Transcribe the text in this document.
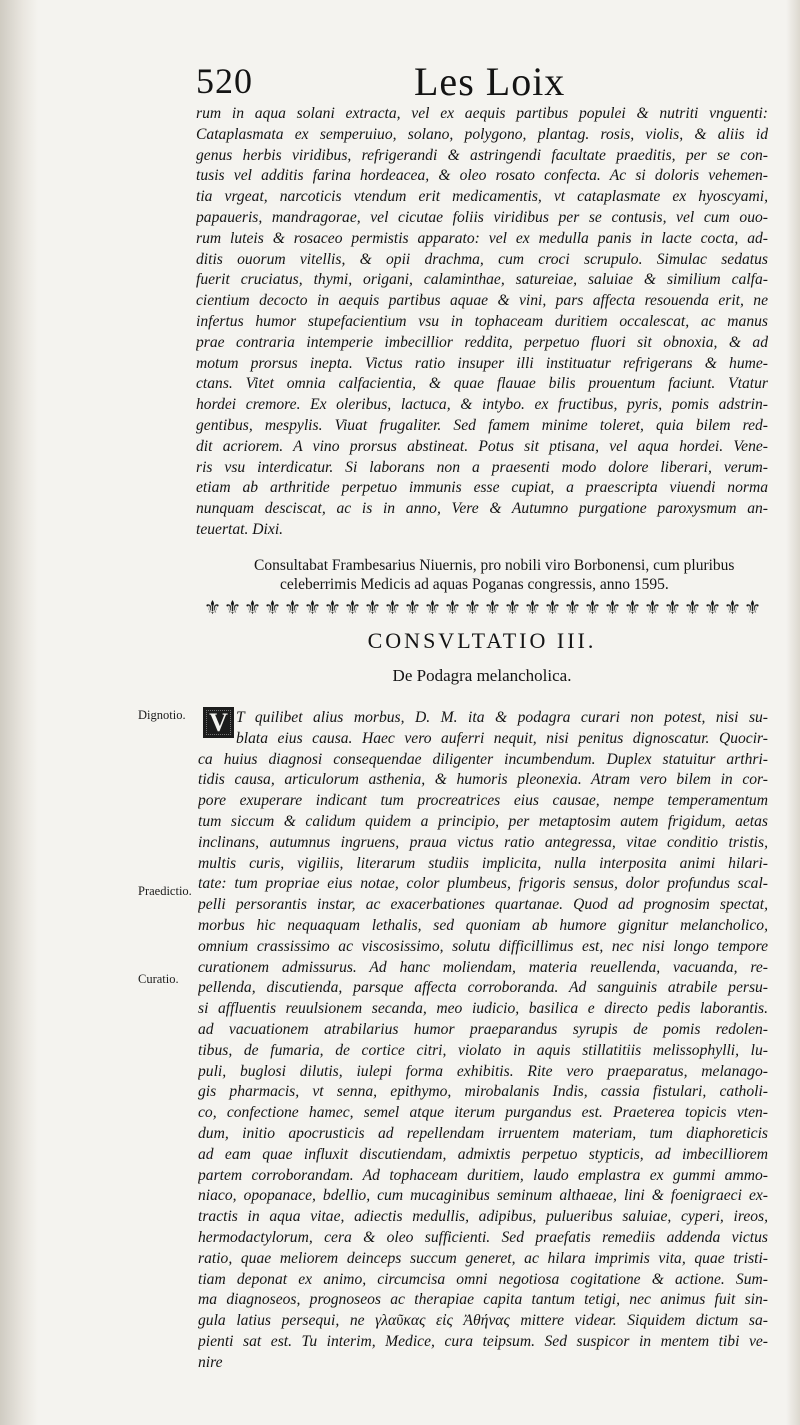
520	Les Loix
rum in aqua solani extracta, vel ex aequis partibus populei & nutriti vnguenti:
Cataplasmata ex semperuiuo, solano, polygono, plantag. rosis, violis, & aliis id
genus herbis viridibus, refrigerandi & astringendi facultate praeditis, per se con-
tusis vel additis farina hordeacea, & oleo rosato confecta. Ac si doloris vehemen-
tia vrgeat, narcoticis vtendum erit medicamentis, vt cataplasmate ex hyoscyami,
papaueris, mandragorae, vel cicutae foliis viridibus per se contusis, vel cum ouo-
rum luteis & rosaceo permistis apparato: vel ex medulla panis in lacte cocta, ad-
ditis ouorum vitellis, & opii drachma, cum croci scrupulo. Simulac sedatus
fuerit cruciatus, thymi, origani, calaminthae, satureiae, saluiae & similium calfa-
cientium decocto in aequis partibus aquae & vini, pars affecta resouenda erit, ne
infertus humor stupefacientium vsu in tophaceam duritiem occalescat, ac manus
prae contraria intemperie imbecillior reddita, perpetuo fluori sit obnoxia, & ad
motum prorsus inepta. Victus ratio insuper illi instituatur refrigerans & hume-
ctans. Vitet omnia calfacientia, & quae flauae bilis prouentum faciunt. Vtatur
hordei cremore. Ex oleribus, lactuca, & intybo. ex fructibus, pyris, pomis adstrin-
gentibus, mespylis. Viuat frugaliter. Sed famem minime toleret, quia bilem red-
dit acriorem. A vino prorsus abstineat. Potus sit ptisana, vel aqua hordei. Vene-
ris vsu interdicatur. Si laborans non a praesenti modo dolore liberari, verum-
etiam ab arthritide perpetuo immunis esse cupiat, a praescripta viuendi norma
nunquam desciscat, ac is in anno, Vere & Autumno purgatione paroxysmum an-
teuertat. Dixi.
Consultabat Frambesarius Niuernis, pro nobili viro Borbonensi, cum pluribus
celeberrimis Medicis ad aquas Poganas congressis, anno 1595.
⚜ ⚜ ⚜ ⚜ ⚜ ⚜ ⚜ ⚜ ⚜ ⚜ ⚜ ⚜ ⚜ ⚜ ⚜ ⚜ ⚜ ⚜ ⚜ ⚜ ⚜ ⚜ ⚜ ⚜ ⚜ ⚜ ⚜ ⚜
CONSVLTATIO III.
De Podagra melancholica.
Dignotio.
Praedictio.
Curatio.
V T quilibet alius morbus, D. M. ita & podagra curari non potest, nisi su-
blata eius causa. Haec vero auferri nequit, nisi penitus dignoscatur. Quocir-
ca huius diagnosi consequendae diligenter incumbendum. Duplex statuitur arthri-
tidis causa, articulorum asthenia, & humoris pleonexia. Atram vero bilem in cor-
pore exuperare indicant tum procreatrices eius causae, nempe temperamentum
tum siccum & calidum quidem a principio, per metaptosim autem frigidum, aetas
inclinans, autumnus ingruens, praua victus ratio antegressa, vitae conditio tristis,
multis curis, vigiliis, literarum studiis implicita, nulla interposita animi hilari-
tate: tum propriae eius notae, color plumbeus, frigoris sensus, dolor profundus scal-
pelli persorantis instar, ac exacerbationes quartanae. Quod ad prognosim spectat,
morbus hic nequaquam lethalis, sed quoniam ab humore gignitur melancholico,
omnium crassissimo ac viscosissimo, solutu difficillimus est, nec nisi longo tempore
curationem admissurus. Ad hanc moliendam, materia reuellenda, vacuanda, re-
pellenda, discutienda, parsque affecta corroboranda. Ad sanguinis atrabile persu-
si affluentis reuulsionem secanda, meo iudicio, basilica e directo pedis laborantis.
ad vacuationem atrabilarius humor praeparandus syrupis de pomis redolen-
tibus, de fumaria, de cortice citri, violato in aquis stillatitiis melissophylli, lu-
puli, buglosi dilutis, iulepi forma exhibitis. Rite vero praeparatus, melanago-
gis pharmacis, vt senna, epithymo, mirobalanis Indis, cassia fistulari, catholi-
co, confectione hamec, semel atque iterum purgandus est. Praeterea topicis vten-
dum, initio apocrusticis ad repellendam irruentem materiam, tum diaphoreticis
ad eam quae influxit discutiendam, admixtis perpetuo stypticis, ad imbecilliorem
partem corroborandam. Ad tophaceam duritiem, laudo emplastra ex gummi ammo-
niaco, opopanace, bdellio, cum mucaginibus seminum althaeae, lini & foenigraeci ex-
tractis in aqua vitae, adiectis medullis, adipibus, pulueribus saluiae, cyperi, ireos,
hermodactylorum, cera & oleo sufficienti. Sed praefatis remediis addenda victus
ratio, quae meliorem deinceps succum generet, ac hilara imprimis vita, quae tristi-
tiam deponat ex animo, circumcisa omni negotiosa cogitatione & actione. Sum-
ma diagnoseos, prognoseos ac therapiae capita tantum tetigi, nec animus fuit sin-
gula latius persequi, ne γλαῦκας εἰς Ἀθήνας mittere videar. Siquidem dictum sa-
pienti sat est. Tu interim, Medice, cura teipsum. Sed suspicor in mentem tibi ve-
nire
